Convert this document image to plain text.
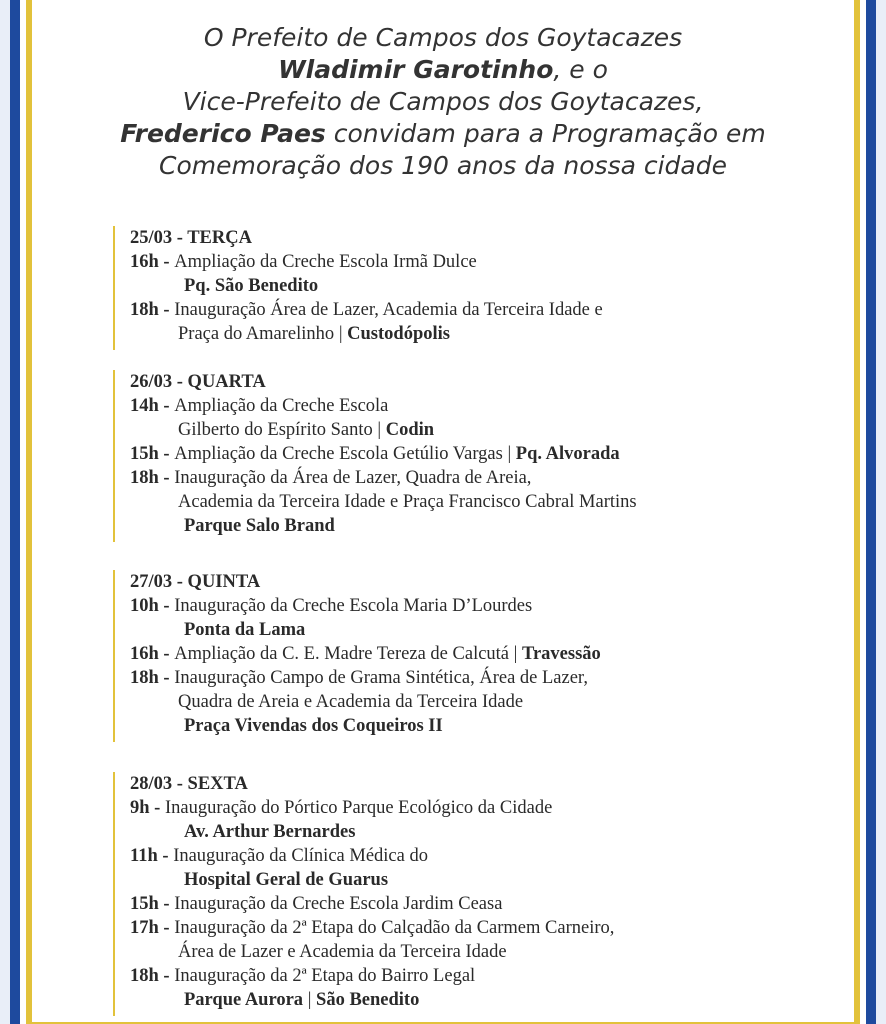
O Prefeito de Campos dos Goytacazes
Wladimir Garotinho, e o
Vice-Prefeito de Campos dos Goytacazes,
Frederico Paes convidam para a Programação em
Comemoração dos 190 anos da nossa cidade
25/03 - TERÇA
16h - Ampliação da Creche Escola Irmã Dulce
Pq. São Benedito
18h - Inauguração Área de Lazer, Academia da Terceira Idade e
Praça do Amarelinho | Custodópolis
26/03 - QUARTA
14h - Ampliação da Creche Escola
Gilberto do Espírito Santo | Codin
15h - Ampliação da Creche Escola Getúlio Vargas | Pq. Alvorada
18h - Inauguração da Área de Lazer, Quadra de Areia,
Academia da Terceira Idade e Praça Francisco Cabral Martins
Parque Salo Brand
27/03 - QUINTA
10h - Inauguração da Creche Escola Maria D’Lourdes
Ponta da Lama
16h - Ampliação da C. E. Madre Tereza de Calcutá | Travessão
18h - Inauguração Campo de Grama Sintética, Área de Lazer,
Quadra de Areia e Academia da Terceira Idade
Praça Vivendas dos Coqueiros II
28/03 - SEXTA
9h - Inauguração do Pórtico Parque Ecológico da Cidade
Av. Arthur Bernardes
11h - Inauguração da Clínica Médica do
Hospital Geral de Guarus
15h - Inauguração da Creche Escola Jardim Ceasa
17h - Inauguração da 2ª Etapa do Calçadão da Carmem Carneiro,
Área de Lazer e Academia da Terceira Idade
18h - Inauguração da 2ª Etapa do Bairro Legal
Parque Aurora | São Benedito
